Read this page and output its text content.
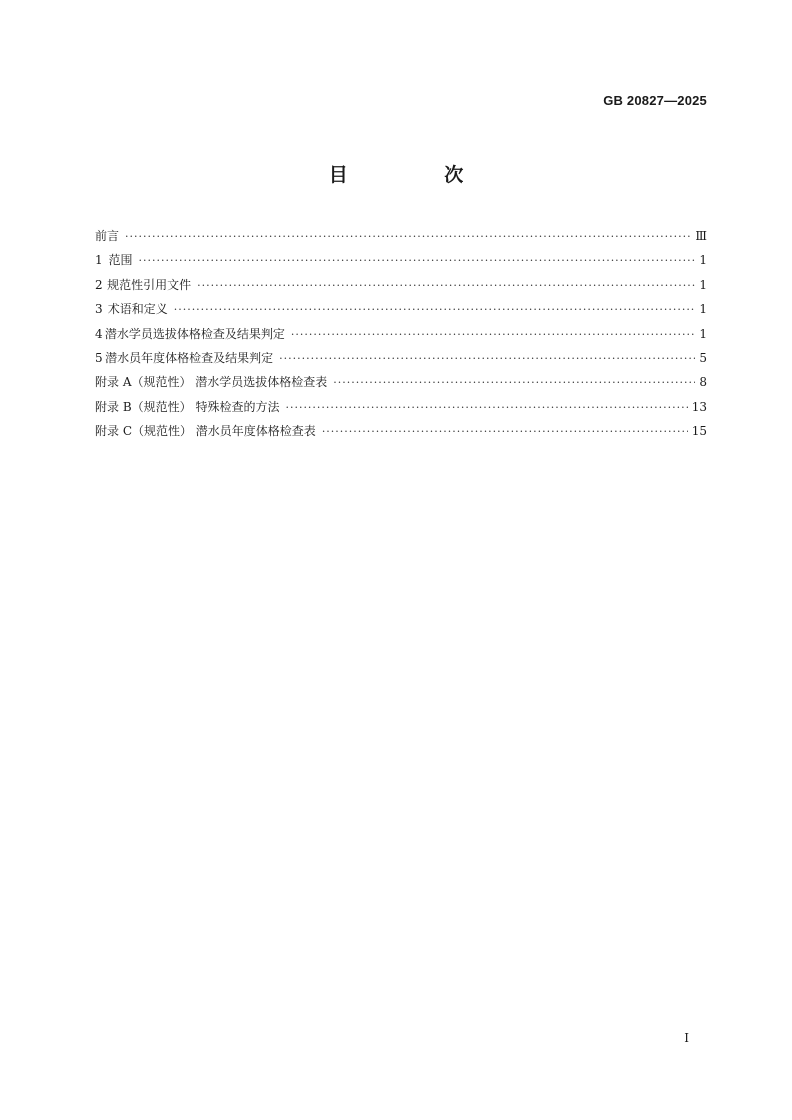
GB 20827—2025
目 次
前言 ·····	Ⅲ
1 范围 ·····	1
2 规范性引用文件 ·····	1
3 术语和定义 ·····	1
4 潜水学员选拔体格检查及结果判定 ·····	1
5 潜水员年度体格检查及结果判定 ·····	5
附录 A（规范性） 潜水学员选拔体格检查表 ·····	8
附录 B（规范性） 特殊检查的方法 ·····	13
附录 C（规范性） 潜水员年度体格检查表 ·····	15
Ⅰ
